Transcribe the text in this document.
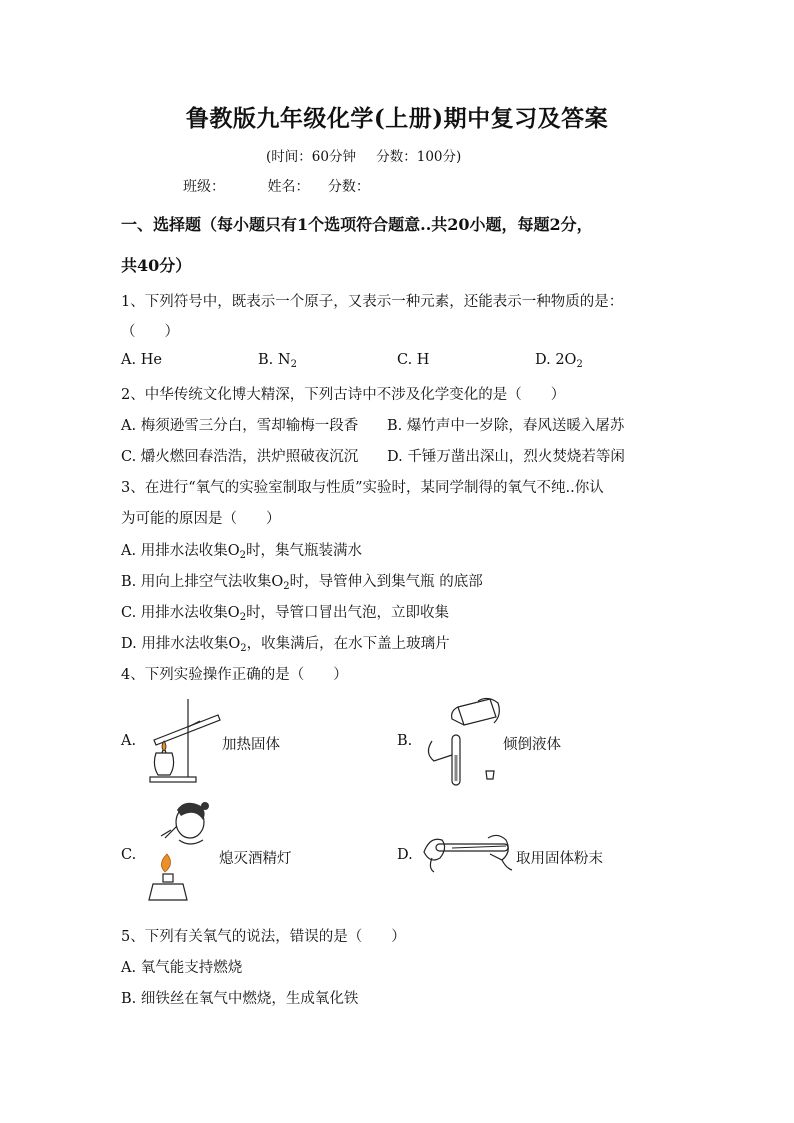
鲁教版九年级化学(上册)期中复习及答案
(时间：60分钟 分数：100分)
班级：	姓名： 分数：
一、选择题（每小题只有1个选项符合题意..共20小题，每题2分，
共40分）
1、下列符号中，既表示一个原子，又表示一种元素，还能表示一种物质的是：
（　　）
A. He	B. $N_2$	C. H	D. $2O_2$
2、中华传统文化博大精深，下列古诗中不涉及化学变化的是（　　）
A. 梅须逊雪三分白，雪却输梅一段香 B. 爆竹声中一岁除，春风送暖入屠苏
C. 爝火燃回春浩浩，洪炉照破夜沉沉 D. 千锤万凿出深山，烈火焚烧若等闲
3、在进行“氧气的实验室制取与性质”实验时，某同学制得的氧气不纯..你认
为可能的原因是（　　）
A. 用排水法收集$O_2$时，集气瓶装满水
B. 用向上排空气法收集$O_2$时，导管伸入到集气瓶 的底部
C. 用排水法收集$O_2$时，导管口冒出气泡，立即收集
D. 用排水法收集$O_2$，收集满后，在水下盖上玻璃片
4、下列实验操作正确的是（　　）
A.	加热固体	B.	倾倒液体
C.	熄灭酒精灯	D.	取用固体粉末
5、下列有关氧气的说法，错误的是（　　）
A. 氧气能支持燃烧
B. 细铁丝在氧气中燃烧，生成氧化铁
